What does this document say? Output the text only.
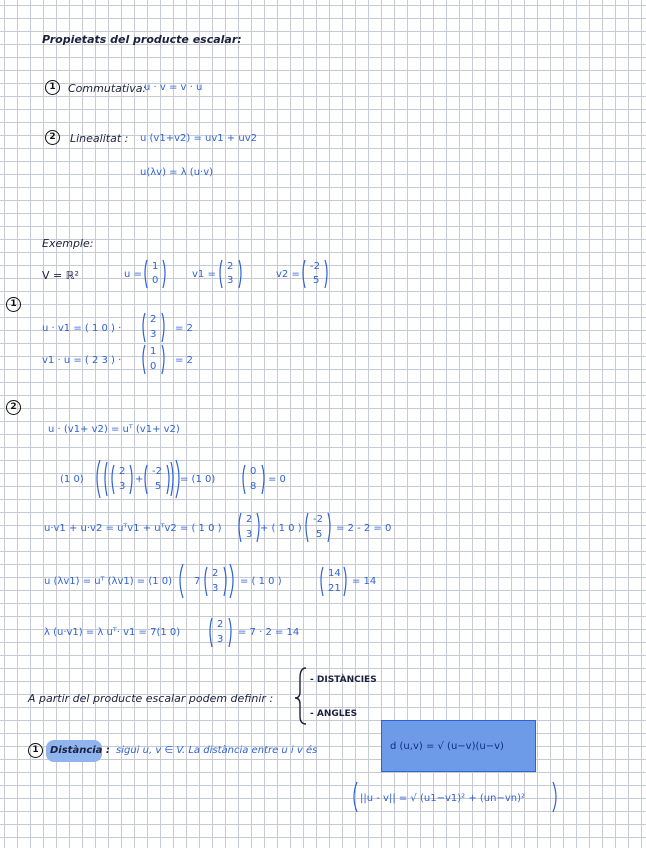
Propietats del producte escalar:
1	Commutativa:
u · v = v · u
2	Linealitat : u (v1+v2) = uv1 + uv2
u(λv) = λ (u·v)
Exemple:
V = ℝ²	u =
1
0
v1 =
2
3
v2 =
-2
5
1
u · v1 = ( 1 0 ) ·
2
3
= 2
v1 · u = ( 2 3 ) ·
1
0
= 2
2
u · (v1+ v2) = uᵀ (v1+ v2)
(1 0)
2
3
+
-2
5
= (1 0)
0
8
= 0
u·v1 + u·v2 = uᵀv1 + uᵀv2 = ( 1 0 )
2
3
+ ( 1 0 )
-2
5
= 2 - 2 = 0
u (λv1) = uᵀ (λv1) = (1 0) 7
2
3
= ( 1 0 )
14
21
= 14
λ (u·v1) = λ uᵀ· v1 = 7(1 0)
2
3
= 7 · 2 = 14
A partir del producte escalar podem definir :
- DISTÀNCIES
- ANGLES
1	Distància : sigui u, v ∈ V. La distància entre u i v és	d (u,v) = √ (u−v)(u−v)
||u - v|| = √ (u1−v1)² + (un−vn)²
